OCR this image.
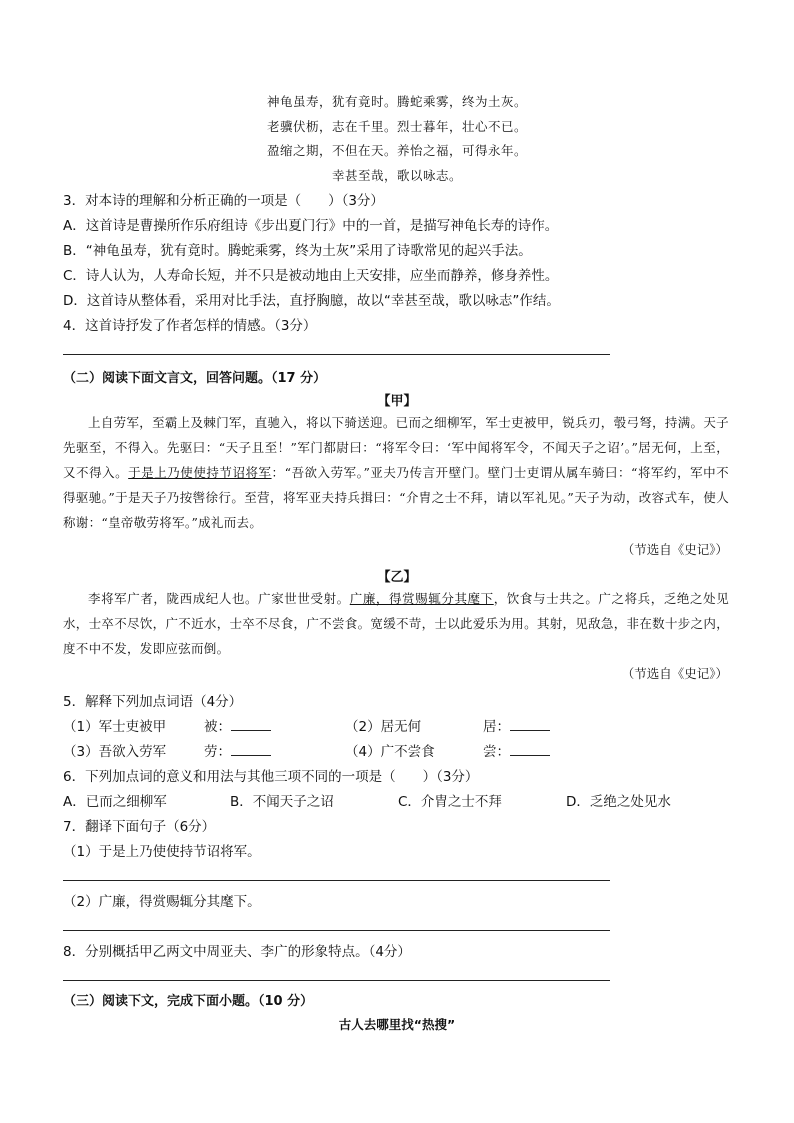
神龟虽寿，犹有竟时。腾蛇乘雾，终为土灰。
老骥伏枥，志在千里。烈士暮年，壮心不已。
盈缩之期，不但在天。养怡之福，可得永年。
幸甚至哉，歌以咏志。
3．对本诗的理解和分析正确的一项是（　　）（3分）
A．这首诗是曹操所作乐府组诗《步出夏门行》中的一首，是描写神龟长寿的诗作。
B．“神龟虽寿，犹有竟时。腾蛇乘雾，终为土灰”采用了诗歌常见的起兴手法。
C．诗人认为，人寿命长短，并不只是被动地由上天安排，应坐而静养，修身养性。
D．这首诗从整体看，采用对比手法，直抒胸臆，故以“幸甚至哉，歌以咏志”作结。
4．这首诗抒发了作者怎样的情感。（3分）
（二）阅读下面文言文，回答问题。（17 分）
【甲】
上自劳军，至霸上及棘门军，直驰入，将以下骑送迎。已而之细柳军，军士吏被甲，锐兵刃，彀弓弩，持满。天子先驱至，不得入。先驱曰：“天子且至！”军门都尉曰：“将军令曰：‘军中闻将军令，不闻天子之诏’。”居无何，上至，又不得入。于是上乃使使持节诏将军：“吾欲入劳军。”亚夫乃传言开壁门。壁门士吏谓从属车骑曰：“将军约，军中不得驱驰。”于是天子乃按辔徐行。至营，将军亚夫持兵揖曰：“介胄之士不拜，请以军礼见。”天子为动，改容式车，使人称谢：“皇帝敬劳将军。”成礼而去。
（节选自《史记》）
【乙】
李将军广者，陇西成纪人也。广家世世受射。广廉，得赏赐辄分其麾下，饮食与士共之。广之将兵，乏绝之处见水，士卒不尽饮，广不近水，士卒不尽食，广不尝食。宽缓不苛，士以此爱乐为用。其射，见敌急，非在数十步之内，度不中不发，发即应弦而倒。
（节选自《史记》）
5．解释下列加点词语（4分）
（1）军士吏被甲	被：	（2）居无何	居：
（3）吾欲入劳军	劳：	（4）广不尝食	尝：
6．下列加点词的意义和用法与其他三项不同的一项是（　　）（3分）
A．已而之细柳军	B．不闻天子之诏	C．介胄之士不拜	D．乏绝之处见水
7．翻译下面句子（6分）
（1）于是上乃使使持节诏将军。
（2）广廉，得赏赐辄分其麾下。
8．分别概括甲乙两文中周亚夫、李广的形象特点。（4分）
（三）阅读下文，完成下面小题。（10 分）
古人去哪里找“热搜”
